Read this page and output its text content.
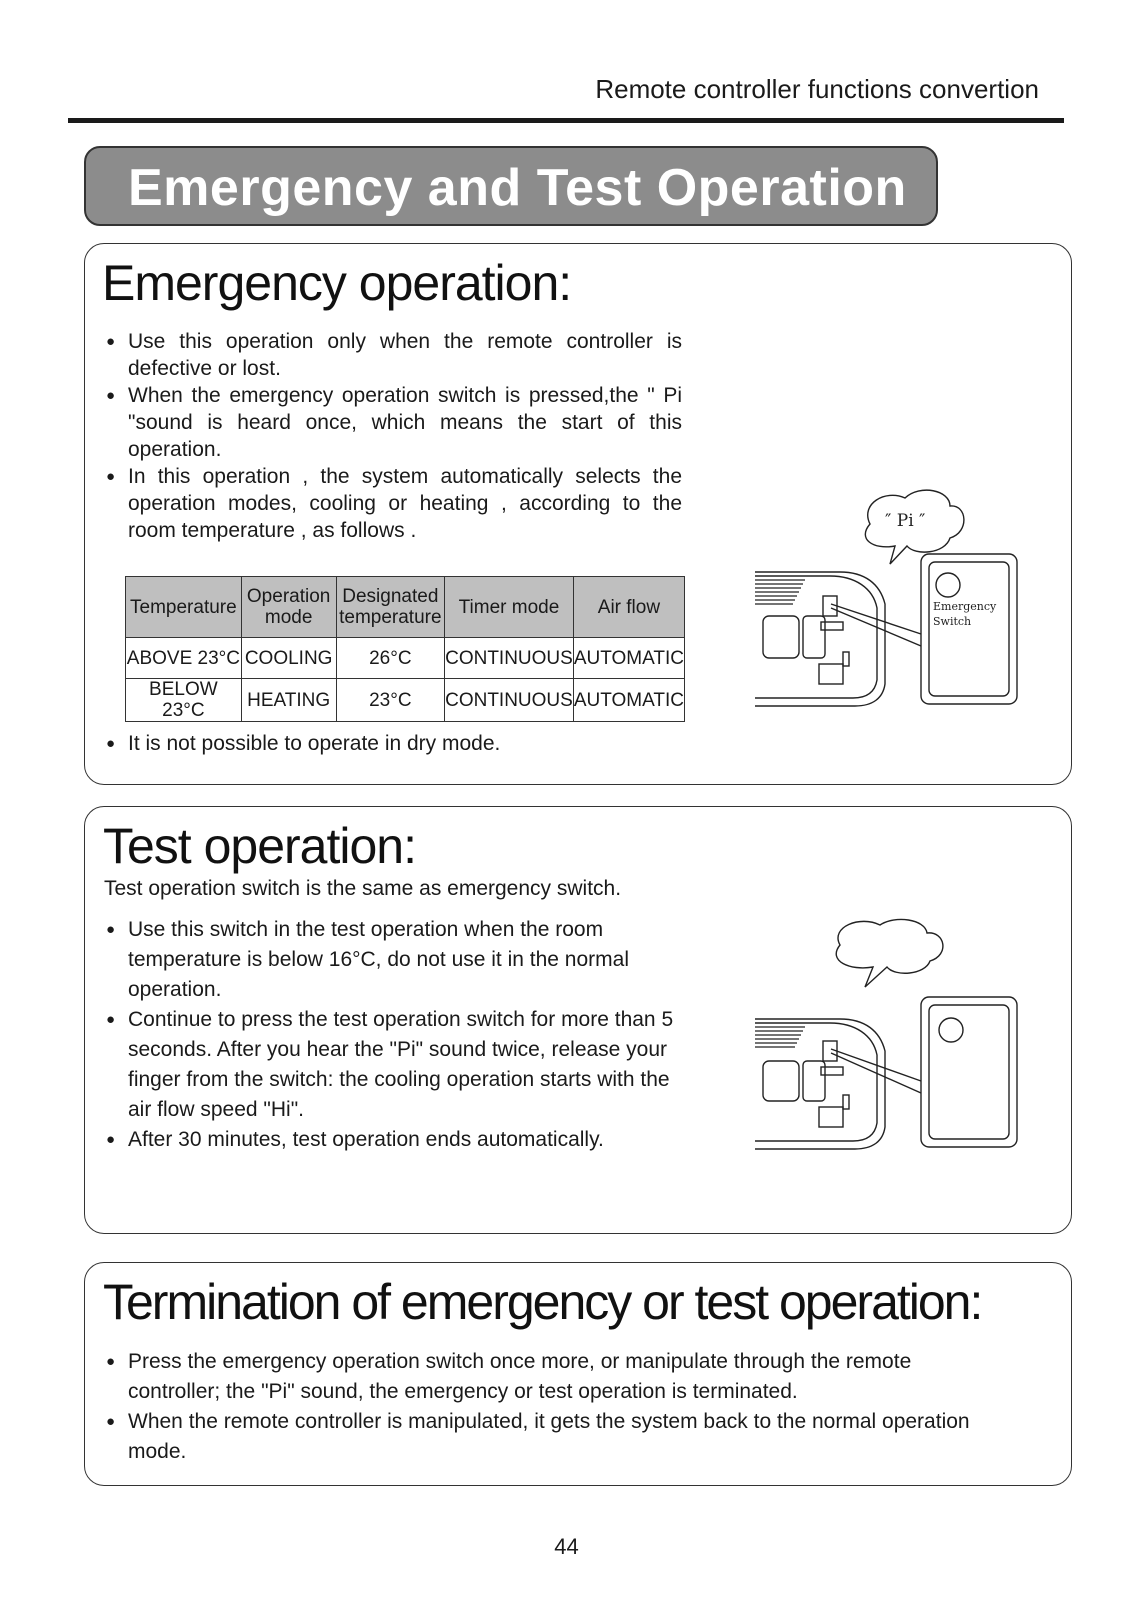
Remote controller functions convertion
Emergency and Test Operation
Emergency operation:
● Use this operation only when the remote controller is defective or lost.
● When the emergency operation switch is pressed,the " Pi "sound is heard once, which means the start of this operation.
● In this operation , the system automatically selects the operation modes, cooling or heating , according to the room temperature , as follows .
Temperature	Operation mode	Designated temperature	Timer mode	Air flow
ABOVE 23°C	COOLING	26°C	CONTINUOUS	AUTOMATIC
BELOW 23°C	HEATING	23°C	CONTINUOUS	AUTOMATIC
● It is not possible to operate in dry mode.
″ Pi ″
Emergency Switch
Test operation:
Test operation switch is the same as emergency switch.
● Use this switch in the test operation when the room temperature is below 16°C, do not use it in the normal operation.
● Continue to press the test operation switch for more than 5 seconds. After you hear the "Pi" sound twice, release your finger from the switch: the cooling operation starts with the air flow speed "Hi".
● After 30 minutes, test operation ends automatically.
Termination of emergency or test operation:
● Press the emergency operation switch once more, or manipulate through the remote controller; the "Pi" sound, the emergency or test operation is terminated.
● When the remote controller is manipulated, it gets the system back to the normal operation mode.
44
